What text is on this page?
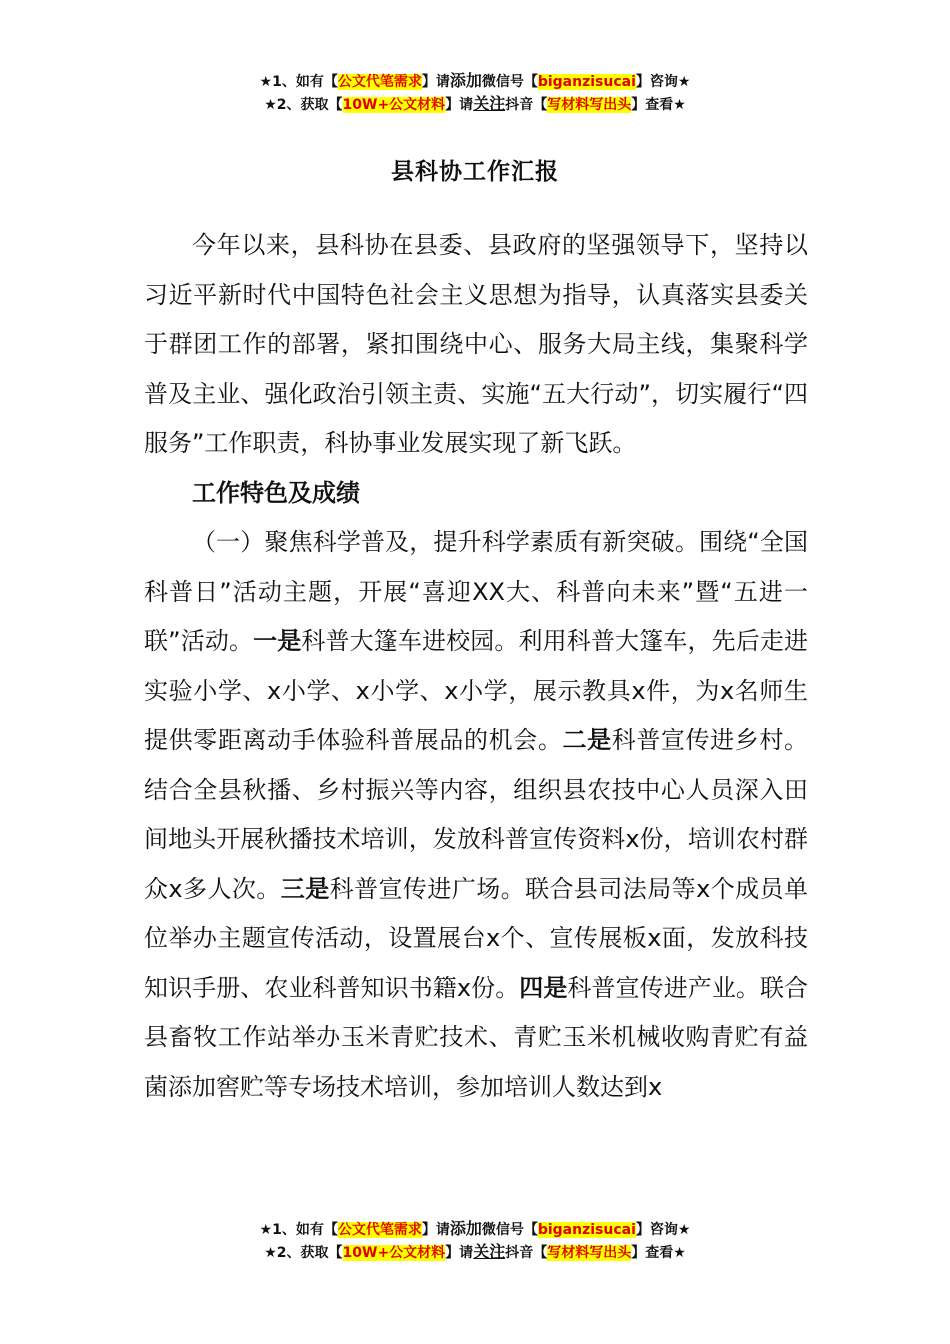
★1、如有【公文代笔需求】请添加微信号【biganzisucai】咨询★
★2、获取【10W+公文材料】请关注抖音【写材料写出头】查看★
县科协工作汇报

今年以来，县科协在县委、县政府的坚强领导下，坚持以习近平新时代中国特色社会主义思想为指导，认真落实县委关于群团工作的部署，紧扣围绕中心、服务大局主线，集聚科学普及主业、强化政治引领主责、实施“五大行动”，切实履行“四服务”工作职责，科协事业发展实现了新飞跃。

工作特色及成绩

（一）聚焦科学普及，提升科学素质有新突破。围绕“全国科普日”活动主题，开展“喜迎XX大、科普向未来”暨“五进一联”活动。一是科普大篷车进校园。利用科普大篷车，先后走进实验小学、x小学、x小学、x小学，展示教具x件，为x名师生提供零距离动手体验科普展品的机会。二是科普宣传进乡村。结合全县秋播、乡村振兴等内容，组织县农技中心人员深入田间地头开展秋播技术培训，发放科普宣传资料x份，培训农村群众x多人次。三是科普宣传进广场。联合县司法局等x个成员单位举办主题宣传活动，设置展台x个、宣传展板x面，发放科技知识手册、农业科普知识书籍x份。四是科普宣传进产业。联合县畜牧工作站举办玉米青贮技术、青贮玉米机械收购青贮有益菌添加窖贮等专场技术培训，参加培训人数达到x

★1、如有【公文代笔需求】请添加微信号【biganzisucai】咨询★
★2、获取【10W+公文材料】请关注抖音【写材料写出头】查看★
